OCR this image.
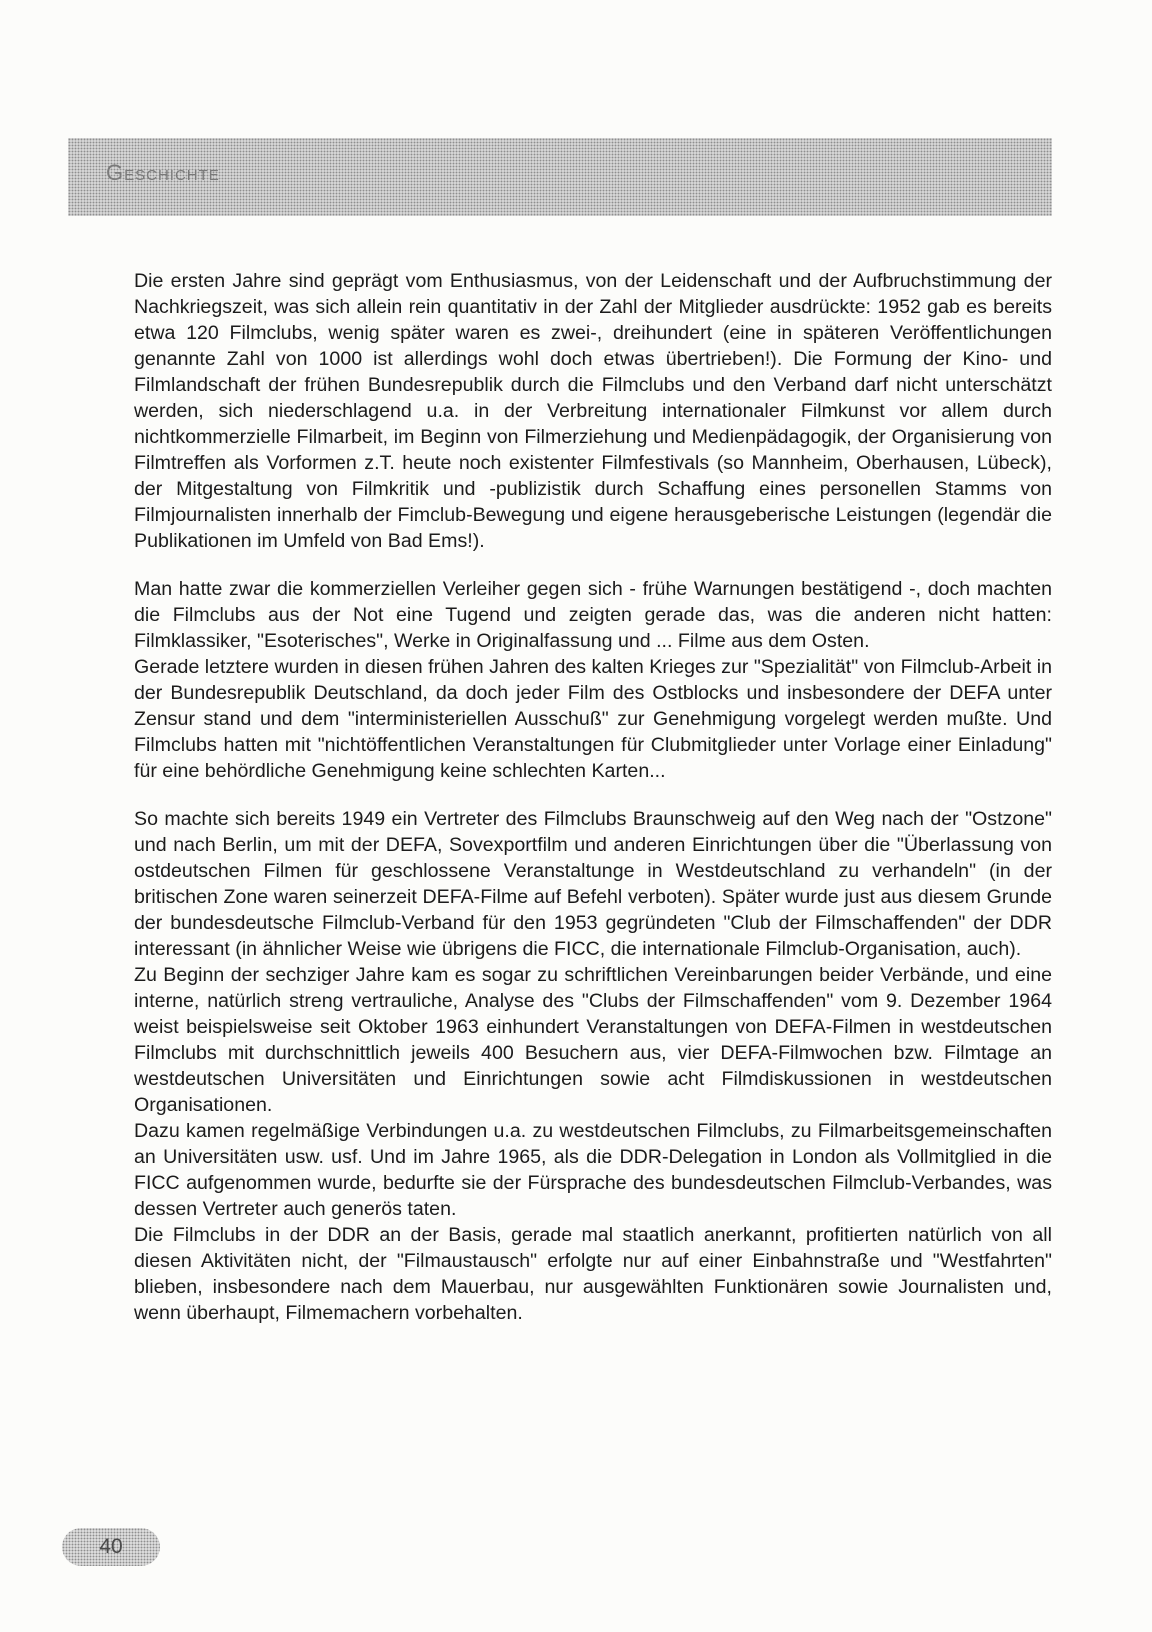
Geschichte

Die ersten Jahre sind geprägt vom Enthusiasmus, von der Leidenschaft und der Aufbruchstimmung der Nachkriegszeit, was sich allein rein quantitativ in der Zahl der Mitglieder ausdrückte: 1952 gab es bereits etwa 120 Filmclubs, wenig später waren es zwei-, dreihundert (eine in späteren Veröffentlichungen genannte Zahl von 1000 ist allerdings wohl doch etwas übertrieben!). Die Formung der Kino- und Filmlandschaft der frühen Bundesrepublik durch die Filmclubs und den Verband darf nicht unterschätzt werden, sich niederschlagend u.a. in der Verbreitung internationaler Filmkunst vor allem durch nichtkommerzielle Filmarbeit, im Beginn von Filmerziehung und Medienpädagogik, der Organisierung von Filmtreffen als Vorformen z.T. heute noch existenter Filmfestivals (so Mannheim, Oberhausen, Lübeck), der Mitgestaltung von Filmkritik und -publizistik durch Schaffung eines personellen Stamms von Filmjournalisten innerhalb der Fimclub-Bewegung und eigene herausgeberische Leistungen (legendär die Publikationen im Umfeld von Bad Ems!).

Man hatte zwar die kommerziellen Verleiher gegen sich - frühe Warnungen bestätigend -, doch machten die Filmclubs aus der Not eine Tugend und zeigten gerade das, was die anderen nicht hatten: Filmklassiker, "Esoterisches", Werke in Originalfassung und ... Filme aus dem Osten.

Gerade letztere wurden in diesen frühen Jahren des kalten Krieges zur "Spezialität" von Filmclub-Arbeit in der Bundesrepublik Deutschland, da doch jeder Film des Ostblocks und insbesondere der DEFA unter Zensur stand und dem "interministeriellen Ausschuß" zur Genehmigung vorgelegt werden mußte. Und Filmclubs hatten mit "nichtöffentlichen Veranstaltungen für Clubmitglieder unter Vorlage einer Einladung" für eine behördliche Genehmigung keine schlechten Karten...

So machte sich bereits 1949 ein Vertreter des Filmclubs Braunschweig auf den Weg nach der "Ostzone" und nach Berlin, um mit der DEFA, Sovexportfilm und anderen Einrichtungen über die "Überlassung von ostdeutschen Filmen für geschlossene Veranstaltunge in Westdeutschland zu verhandeln" (in der britischen Zone waren seinerzeit DEFA-Filme auf Befehl verboten). Später wurde just aus diesem Grunde der bundesdeutsche Filmclub-Verband für den 1953 gegründeten "Club der Filmschaffenden" der DDR interessant (in ähnlicher Weise wie übrigens die FICC, die internationale Filmclub-Organisation, auch).

Zu Beginn der sechziger Jahre kam es sogar zu schriftlichen Vereinbarungen beider Verbände, und eine interne, natürlich streng vertrauliche, Analyse des "Clubs der Filmschaffenden" vom 9. Dezember 1964 weist beispielsweise seit Oktober 1963 einhundert Veranstaltungen von DEFA-Filmen in westdeutschen Filmclubs mit durchschnittlich jeweils 400 Besuchern aus, vier DEFA-Filmwochen bzw. Filmtage an westdeutschen Universitäten und Einrichtungen sowie acht Filmdiskussionen in westdeutschen Organisationen.

Dazu kamen regelmäßige Verbindungen u.a. zu westdeutschen Filmclubs, zu Filmarbeitsgemeinschaften an Universitäten usw. usf. Und im Jahre 1965, als die DDR-Delegation in London als Vollmitglied in die FICC aufgenommen wurde, bedurfte sie der Fürsprache des bundesdeutschen Filmclub-Verbandes, was dessen Vertreter auch generös taten.

Die Filmclubs in der DDR an der Basis, gerade mal staatlich anerkannt, profitierten natürlich von all diesen Aktivitäten nicht, der "Filmaustausch" erfolgte nur auf einer Einbahnstraße und "Westfahrten" blieben, insbesondere nach dem Mauerbau, nur ausgewählten Funktionären sowie Journalisten und, wenn überhaupt, Filmemachern vorbehalten.

40
